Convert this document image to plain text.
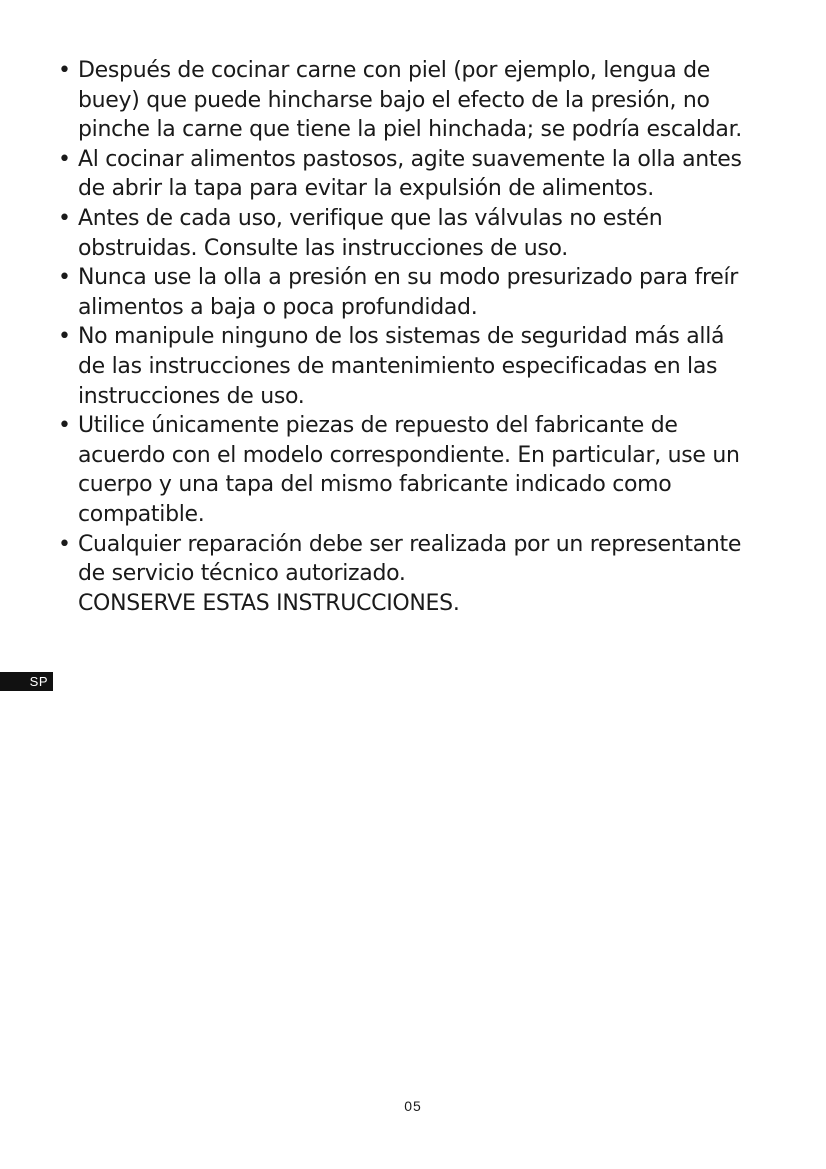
• Después de cocinar carne con piel (por ejemplo, lengua de buey) que puede hincharse bajo el efecto de la presión, no pinche la carne que tiene la piel hinchada; se podría escaldar.
• Al cocinar alimentos pastosos, agite suavemente la olla antes de abrir la tapa para evitar la expulsión de alimentos.
• Antes de cada uso, verifique que las válvulas no estén obstruidas. Consulte las instrucciones de uso.
• Nunca use la olla a presión en su modo presurizado para freír alimentos a baja o poca profundidad.
• No manipule ninguno de los sistemas de seguridad más allá de las instrucciones de mantenimiento especificadas en las instrucciones de uso.
• Utilice únicamente piezas de repuesto del fabricante de acuerdo con el modelo correspondiente. En particular, use un cuerpo y una tapa del mismo fabricante indicado como compatible.
• Cualquier reparación debe ser realizada por un representante de servicio técnico autorizado.
CONSERVE ESTAS INSTRUCCIONES.
SP
05
